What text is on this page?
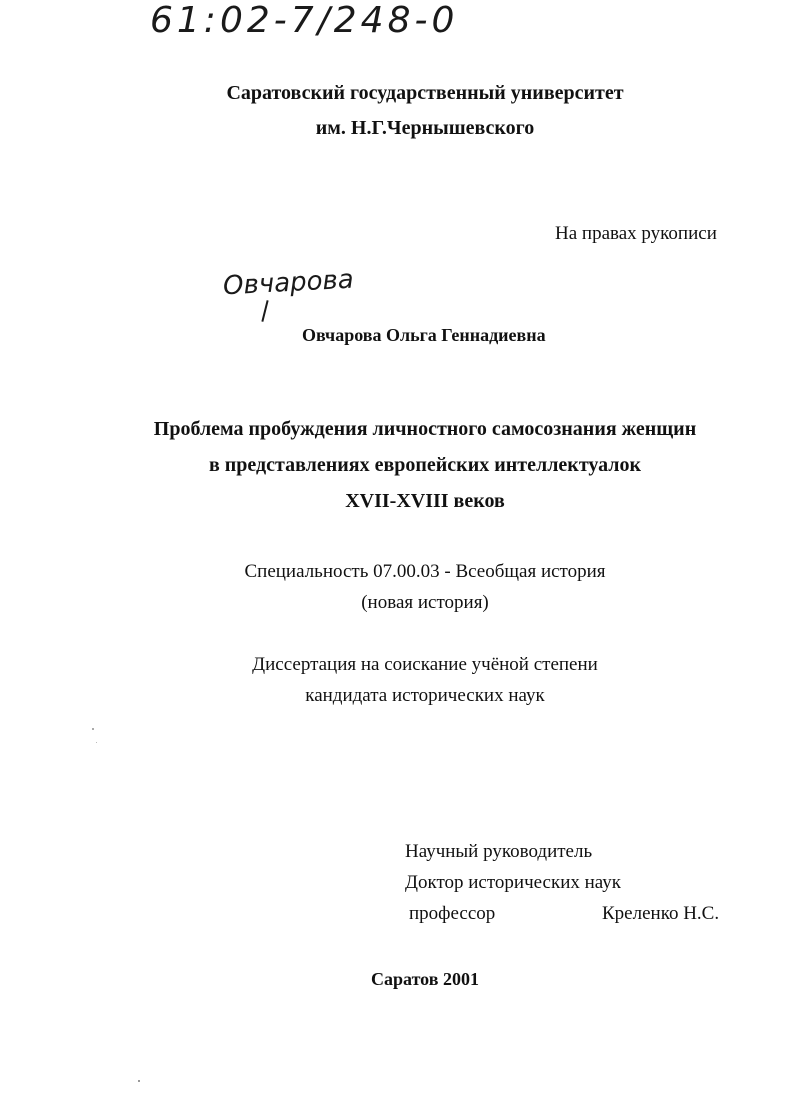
61:02-7/248-0
Саратовский государственный университет
им. Н.Г.Чернышевского
На правах рукописи
Овчарова
Овчарова Ольга Геннадиевна
Проблема пробуждения личностного самосознания женщин
в представлениях европейских интеллектуалок
XVII-XVIII веков
Специальность 07.00.03 - Всеобщая история
(новая история)
Диссертация на соискание учёной степени
кандидата исторических наук
Научный руководитель
Доктор исторических наук
профессор	Креленко Н.С.
Саратов 2001
